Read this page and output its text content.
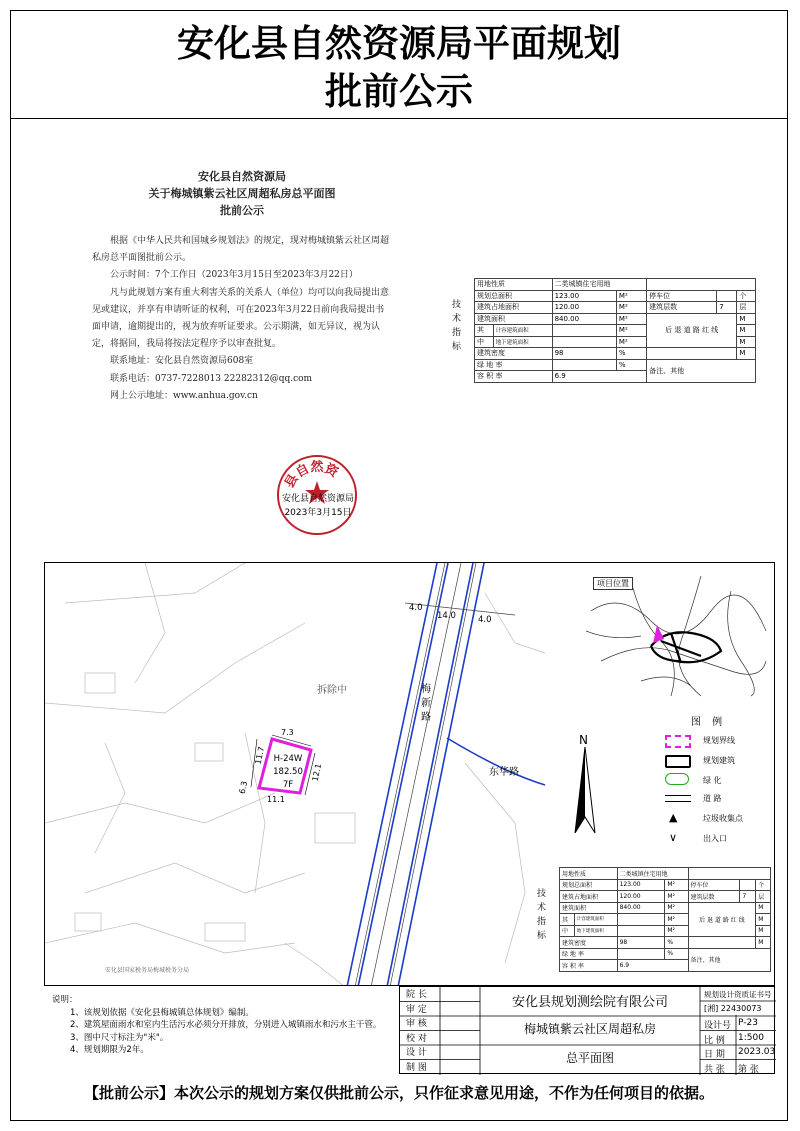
安化县自然资源局平面规划
批前公示
安化县自然资源局
关于梅城镇紫云社区周超私房总平面图
批前公示

根据《中华人民共和国城乡规划法》的规定，现对梅城镇紫云社区周超私房总平面图批前公示。

公示时间：7个工作日（2023年3月15日至2023年3月22日）

凡与此规划方案有重大利害关系的关系人（单位）均可以向我局提出意见或建议，并享有申请听证的权利，可在2023年3月22日前向我局提出书面申请，逾期提出的，视为放弃听证要求。公示期满，如无异议，视为认定，将据回，我局将按法定程序予以审查批复。

联系地址：安化县自然资源局608室

联系电话：0737-7228013 22282312@qq.com

网上公示地址：www.anhua.gov.cn

县自然资
安化县自然资源局
2023年3月15日
技术指标
用地性质		二类城镇住宅用地				
规划总面积		123.00	M²	停车位		个
建筑占地面积		120.00	M²	建筑层数	7	层
建筑面积		840.00	M²	后 退 道 路 红 线		M
其	计容建筑面积		M²			M
中	地下建筑面积		M²			M
建筑密度		98	%			M
绿 地 率			%	备注、其他		
容 积 率		6.9				
H-24W
182.50
7F
7.3
11.7
12.1
11.1
6.3
4.0
14.0	4.0
梅新路
东华路
拆除中
安化县国家税务局梅城税务分局
项目位置
图 例
规划界线
规划建筑
绿 化
道 路
▲	垃圾收集点
∨	出入口
N
技术指标
用地性质		二类城镇住宅用地				
规划总面积		123.00	M²	停车位		个
建筑占地面积		120.00	M²	建筑层数	7	层
建筑面积		840.00	M²	后 退 道 路 红 线		M
其	计容建筑面积		M²			M
中	地下建筑面积		M²			M
建筑密度		98	%			M
绿 地 率			%	备注、其他		
容 积 率		6.9				
说明：
1、该规划依据《安化县梅城镇总体规划》编制。
2、建筑屋面雨水和室内生活污水必须分开排放，分别进入城镇雨水和污水主干管。
3、图中尺寸标注为"米"。
4、规划期限为2年。
院 长
审 定
审 核
校 对
设 计
制 图
安化县规划测绘院有限公司
梅城镇紫云社区周超私房
总平面图
规划设计资质证书号
[湘] 22430073
设计号 P-23
比 例 1:500
日 期 2023.03
共 张 第 张
【批前公示】本次公示的规划方案仅供批前公示，只作征求意见用途，不作为任何项目的依据。
